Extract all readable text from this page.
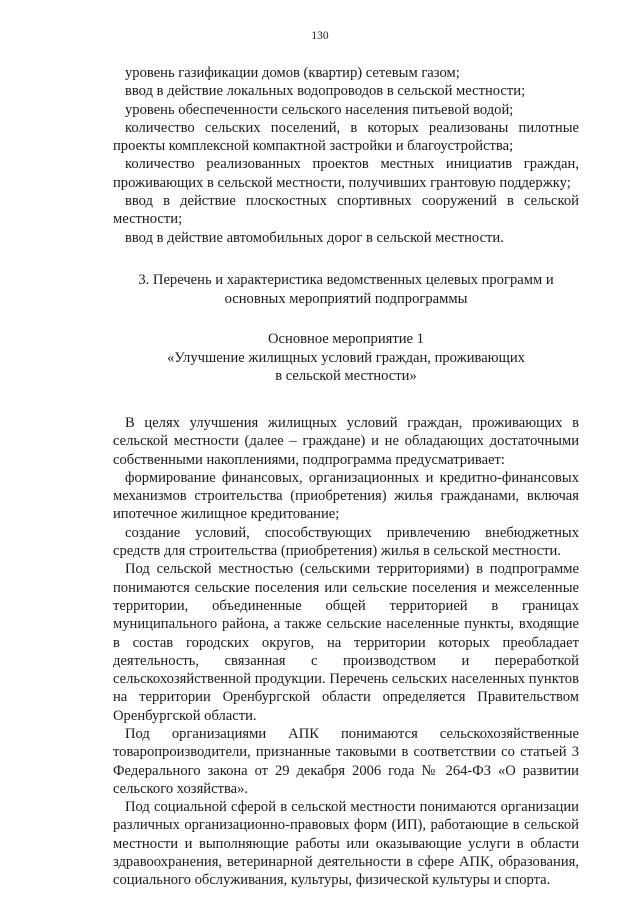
130

уровень газификации домов (квартир) сетевым газом;

ввод в действие локальных водопроводов в сельской местности;

уровень обеспеченности сельского населения питьевой водой;

количество сельских поселений, в которых реализованы пилотные проекты комплексной компактной застройки и благоустройства;

количество реализованных проектов местных инициатив граждан, проживающих в сельской местности, получивших грантовую поддержку;

ввод в действие плоскостных спортивных сооружений в сельской местности;

ввод в действие автомобильных дорог в сельской местности.

3. Перечень и характеристика ведомственных целевых программ и
основных мероприятий подпрограммы
Основное мероприятие 1
«Улучшение жилищных условий граждан, проживающих
в сельской местности»

В целях улучшения жилищных условий граждан, проживающих в сельской местности (далее – граждане) и не обладающих достаточными собственными накоплениями, подпрограмма предусматривает:

формирование финансовых, организационных и кредитно-финансовых механизмов строительства (приобретения) жилья гражданами, включая ипотечное жилищное кредитование;

создание условий, способствующих привлечению внебюджетных средств для строительства (приобретения) жилья в сельской местности.

Под сельской местностью (сельскими территориями) в подпрограмме понимаются сельские поселения или сельские поселения и межселенные территории, объединенные общей территорией в границах муниципального района, а также сельские населенные пункты, входящие в состав городских округов, на территории которых преобладает деятельность, связанная с производством и переработкой сельскохозяйственной продукции. Перечень сельских населенных пунктов на территории Оренбургской области определяется Правительством Оренбургской области.

Под организациями АПК понимаются сельскохозяйственные товаропроизводители, признанные таковыми в соответствии со статьей 3 Федерального закона от 29 декабря 2006 года № 264-ФЗ «О развитии сельского хозяйства».

Под социальной сферой в сельской местности понимаются организации различных организационно-правовых форм (ИП), работающие в сельской местности и выполняющие работы или оказывающие услуги в области здравоохранения, ветеринарной деятельности в сфере АПК, образования, социального обслуживания, культуры, физической культуры и спорта.
